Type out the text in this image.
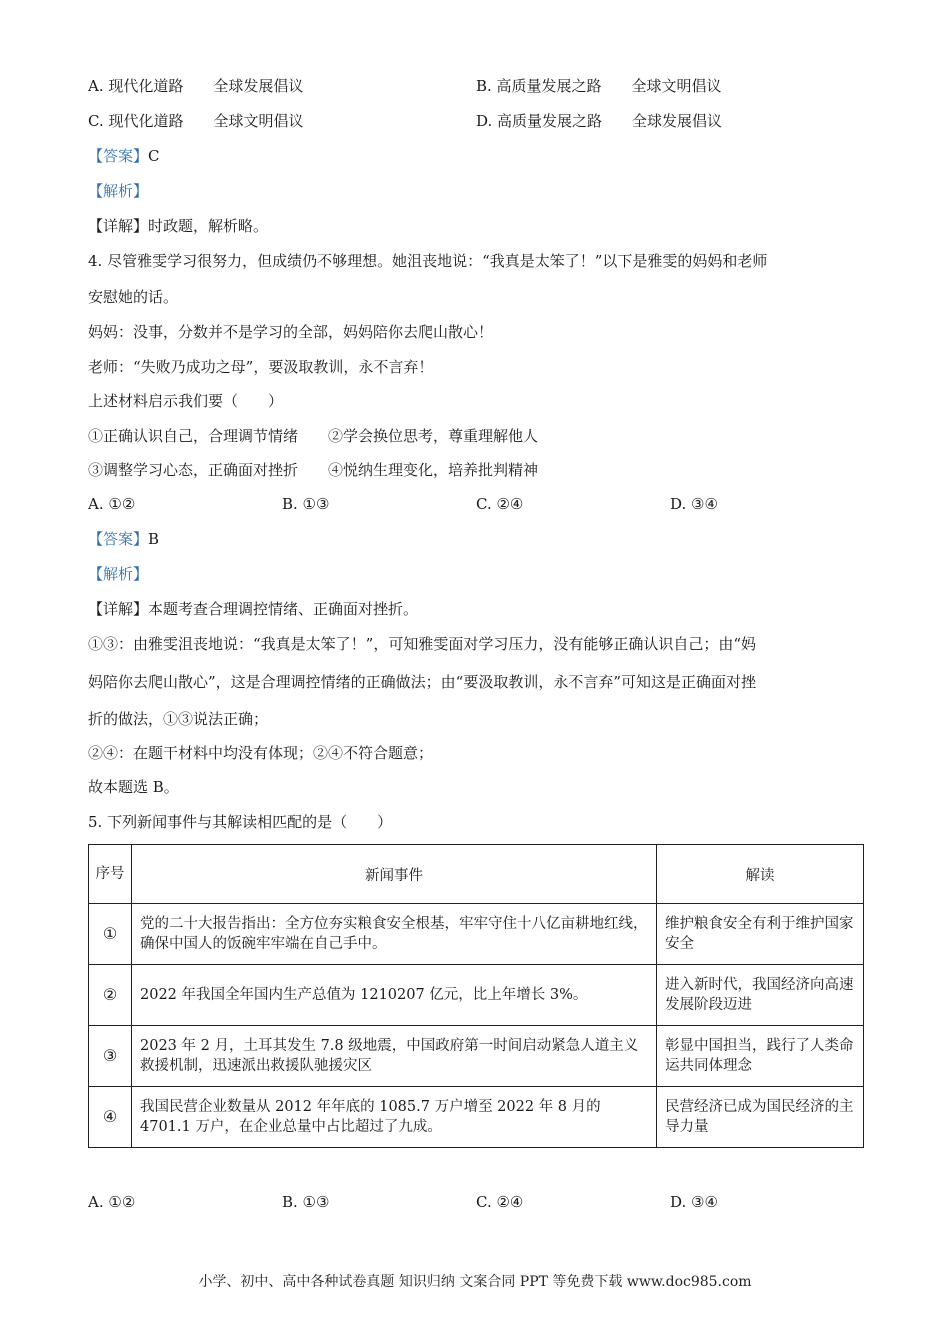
A. 现代化道路　　全球发展倡议	B. 高质量发展之路　　全球文明倡议
C. 现代化道路　　全球文明倡议	D. 高质量发展之路　　全球发展倡议
【答案】C
【解析】
【详解】时政题，解析略。
4. 尽管雅雯学习很努力，但成绩仍不够理想。她沮丧地说：“我真是太笨了！”以下是雅雯的妈妈和老师
安慰她的话。
妈妈：没事，分数并不是学习的全部，妈妈陪你去爬山散心！
老师：“失败乃成功之母”，要汲取教训，永不言弃！
上述材料启示我们要（　　）
①正确认识自己，合理调节情绪 ②学会换位思考，尊重理解他人
③调整学习心态，正确面对挫折 ④悦纳生理变化，培养批判精神
A. ①②	B. ①③	C. ②④	D. ③④
【答案】B
【解析】
【详解】本题考查合理调控情绪、正确面对挫折。
①③：由雅雯沮丧地说：“我真是太笨了！”，可知雅雯面对学习压力，没有能够正确认识自己；由“妈
妈陪你去爬山散心”，这是合理调控情绪的正确做法；由“要汲取教训，永不言弃”可知这是正确面对挫
折的做法，①③说法正确；
②④：在题干材料中均没有体现；②④不符合题意；
故本题选 B。
5. 下列新闻事件与其解读相匹配的是（　　）
序号	新闻事件	解读
①	党的二十大报告指出：全方位夯实粮食安全根基，牢牢守住十八亿亩耕地红线，确保中国人的饭碗牢牢端在自己手中。	维护粮食安全有利于维护国家安全
②	2022 年我国全年国内生产总值为 1210207 亿元，比上年增长 3%。	进入新时代，我国经济向高速发展阶段迈进
③	2023 年 2 月，土耳其发生 7.8 级地震，中国政府第一时间启动紧急人道主义救援机制，迅速派出救援队驰援灾区	彰显中国担当，践行了人类命运共同体理念
④	我国民营企业数量从 2012 年年底的 1085.7 万户增至 2022 年 8 月的 4701.1 万户，在企业总量中占比超过了九成。	民营经济已成为国民经济的主导力量
A. ①②	B. ①③	C. ②④	D. ③④
小学、初中、高中各种试卷真题 知识归纳 文案合同 PPT 等免费下载 www.doc985.com
